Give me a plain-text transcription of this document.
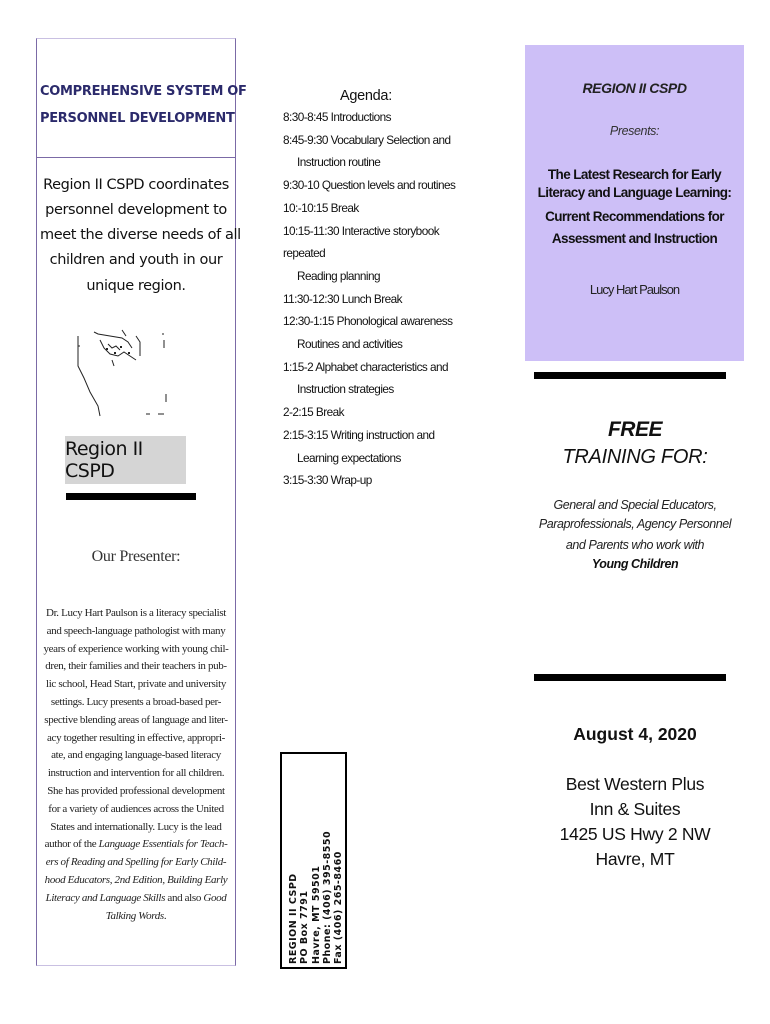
COMPREHENSIVE SYSTEM OF
PERSONNEL DEVELOPMENT
Region II CSPD coordinates
personnel development to
meet the diverse needs of all
children and youth in our
unique region.
Region II CSPD
Our Presenter:
Dr. Lucy Hart Paulson is a literacy specialist
and speech-language pathologist with many
years of experience working with young chil-
dren, their families and their teachers in pub-
lic school, Head Start, private and university
settings. Lucy presents a broad-based per-
spective blending areas of language and liter-
acy together resulting in effective, appropri-
ate, and engaging language-based literacy
instruction and intervention for all children.
She has provided professional development
for a variety of audiences across the United
States and internationally. Lucy is the lead
author of the Language Essentials for Teach-
ers of Reading and Spelling for Early Child-
hood Educators, 2nd Edition, Building Early
Literacy and Language Skills and also Good
Talking Words.
Agenda:
8:30-8:45 Introductions
8:45-9:30 Vocabulary Selection and
Instruction routine
9:30-10 Question levels and routines
10:-10:15 Break
10:15-11:30 Interactive storybook
repeated
Reading planning
11:30-12:30 Lunch Break
12:30-1:15 Phonological awareness
Routines and activities
1:15-2 Alphabet characteristics and
Instruction strategies
2-2:15 Break
2:15-3:15 Writing instruction and
Learning expectations
3:15-3:30 Wrap-up
REGION II CSPD PO Box 7791 Havre, MT 59501 Phone: (406) 395-8550 Fax (406) 265-8460
REGION II CSPD
Presents:
The Latest Research for Early
Literacy and Language Learning:
Current Recommendations for
Assessment and Instruction
Lucy Hart Paulson
FREE
TRAINING FOR:
General and Special Educators,
Paraprofessionals, Agency Personnel
and Parents who work with
Young Children
August 4, 2020
Best Western Plus
Inn & Suites
1425 US Hwy 2 NW
Havre, MT
